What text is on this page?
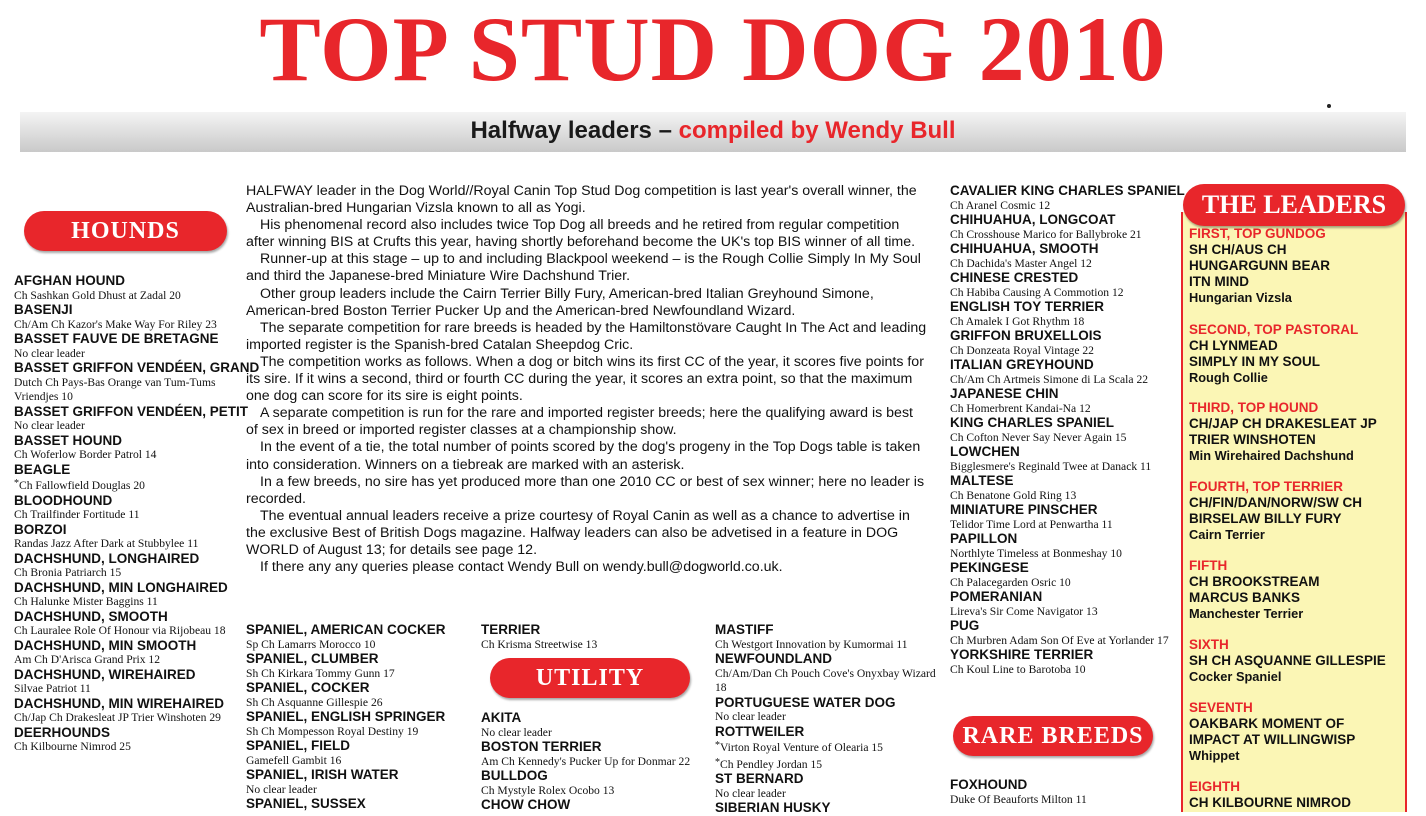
TOP STUD DOG 2010
Halfway leaders – compiled by Wendy Bull
HOUNDS
AFGHAN HOUND
Ch Sashkan Gold Dhust at Zadal 20
BASENJI
Ch/Am Ch Kazor's Make Way For Riley 23
BASSET FAUVE DE BRETAGNE
No clear leader
BASSET GRIFFON VENDÉEN, GRAND
Dutch Ch Pays-Bas Orange van Tum-Tums Vriendjes 10
BASSET GRIFFON VENDÉEN, PETIT
No clear leader
BASSET HOUND
Ch Woferlow Border Patrol 14
BEAGLE
*Ch Fallowfield Douglas 20
BLOODHOUND
Ch Trailfinder Fortitude 11
BORZOI
Randas Jazz After Dark at Stubbylee 11
DACHSHUND, LONGHAIRED
Ch Bronia Patriarch 15
DACHSHUND, MIN LONGHAIRED
Ch Halunke Mister Baggins 11
DACHSHUND, SMOOTH
Ch Lauralee Role Of Honour via Rijobeau 18
DACHSHUND, MIN SMOOTH
Am Ch D'Arisca Grand Prix 12
DACHSHUND, WIREHAIRED
Silvae Patriot 11
DACHSHUND, MIN WIREHAIRED
Ch/Jap Ch Drakesleat JP Trier Winshoten 29
DEERHOUNDS
Ch Kilbourne Nimrod 25

HALFWAY leader in the Dog World//Royal Canin Top Stud Dog competition is last year's overall winner, the Australian-bred Hungarian Vizsla known to all as Yogi.

His phenomenal record also includes twice Top Dog all breeds and he retired from regular competition after winning BIS at Crufts this year, having shortly beforehand become the UK's top BIS winner of all time.

Runner-up at this stage – up to and including Blackpool weekend – is the Rough Collie Simply In My Soul and third the Japanese-bred Miniature Wire Dachshund Trier.

Other group leaders include the Cairn Terrier Billy Fury, American-bred Italian Greyhound Simone, American-bred Boston Terrier Pucker Up and the American-bred Newfoundland Wizard.

The separate competition for rare breeds is headed by the Hamiltonstövare Caught In The Act and leading imported register is the Spanish-bred Catalan Sheepdog Cric.

The competition works as follows. When a dog or bitch wins its first CC of the year, it scores five points for its sire. If it wins a second, third or fourth CC during the year, it scores an extra point, so that the maximum one dog can score for its sire is eight points.

A separate competition is run for the rare and imported register breeds; here the qualifying award is best of sex in breed or imported register classes at a championship show.

In the event of a tie, the total number of points scored by the dog's progeny in the Top Dogs table is taken into consideration. Winners on a tiebreak are marked with an asterisk.

In a few breeds, no sire has yet produced more than one 2010 CC or best of sex winner; here no leader is recorded.

The eventual annual leaders receive a prize courtesy of Royal Canin as well as a chance to advertise in the exclusive Best of British Dogs magazine. Halfway leaders can also be advetised in a feature in DOG WORLD of August 13; for details see page 12.

If there any any queries please contact Wendy Bull on wendy.bull@dogworld.co.uk.

SPANIEL, AMERICAN COCKER
Sp Ch Lamarrs Morocco 10
SPANIEL, CLUMBER
Sh Ch Kirkara Tommy Gunn 17
SPANIEL, COCKER
Sh Ch Asquanne Gillespie 26
SPANIEL, ENGLISH SPRINGER
Sh Ch Mompesson Royal Destiny 19
SPANIEL, FIELD
Gamefell Gambit 16
SPANIEL, IRISH WATER
No clear leader
SPANIEL, SUSSEX
TERRIER
Ch Krisma Streetwise 13
UTILITY
AKITA
No clear leader
BOSTON TERRIER
Am Ch Kennedy's Pucker Up for Donmar 22
BULLDOG
Ch Mystyle Rolex Ocobo 13
CHOW CHOW
MASTIFF
Ch Westgort Innovation by Kumormai 11
NEWFOUNDLAND
Ch/Am/Dan Ch Pouch Cove's Onyxbay Wizard 18
PORTUGUESE WATER DOG
No clear leader
ROTTWEILER
*Virton Royal Venture of Olearia 15
*Ch Pendley Jordan 15
ST BERNARD
No clear leader
SIBERIAN HUSKY
CAVALIER KING CHARLES SPANIEL
Ch Aranel Cosmic 12
CHIHUAHUA, LONGCOAT
Ch Crosshouse Marico for Ballybroke 21
CHIHUAHUA, SMOOTH
Ch Dachida's Master Angel 12
CHINESE CRESTED
Ch Habiba Causing A Commotion 12
ENGLISH TOY TERRIER
Ch Amalek I Got Rhythm 18
GRIFFON BRUXELLOIS
Ch Donzeata Royal Vintage 22
ITALIAN GREYHOUND
Ch/Am Ch Artmeis Simone di La Scala 22
JAPANESE CHIN
Ch Homerbrent Kandai-Na 12
KING CHARLES SPANIEL
Ch Cofton Never Say Never Again 15
LOWCHEN
Bigglesmere's Reginald Twee at Danack 11
MALTESE
Ch Benatone Gold Ring 13
MINIATURE PINSCHER
Telidor Time Lord at Penwartha 11
PAPILLON
Northlyte Timeless at Bonmeshay 10
PEKINGESE
Ch Palacegarden Osric 10
POMERANIAN
Lireva's Sir Come Navigator 13
PUG
Ch Murbren Adam Son Of Eve at Yorlander 17
YORKSHIRE TERRIER
Ch Koul Line to Barotoba 10
RARE BREEDS
FOXHOUND
Duke Of Beauforts Milton 11
THE LEADERS
FIRST, TOP GUNDOG
SH CH/AUS CH
HUNGARGUNN BEAR
ITN MIND
Hungarian Vizsla
SECOND, TOP PASTORAL
CH LYNMEAD
SIMPLY IN MY SOUL
Rough Collie
THIRD, TOP HOUND
CH/JAP CH DRAKESLEAT JP
TRIER WINSHOTEN
Min Wirehaired Dachshund
FOURTH, TOP TERRIER
CH/FIN/DAN/NORW/SW CH
BIRSELAW BILLY FURY
Cairn Terrier
FIFTH
CH BROOKSTREAM
MARCUS BANKS
Manchester Terrier
SIXTH
SH CH ASQUANNE GILLESPIE
Cocker Spaniel
SEVENTH
OAKBARK MOMENT OF
IMPACT AT WILLINGWISP
Whippet
EIGHTH
CH KILBOURNE NIMROD
